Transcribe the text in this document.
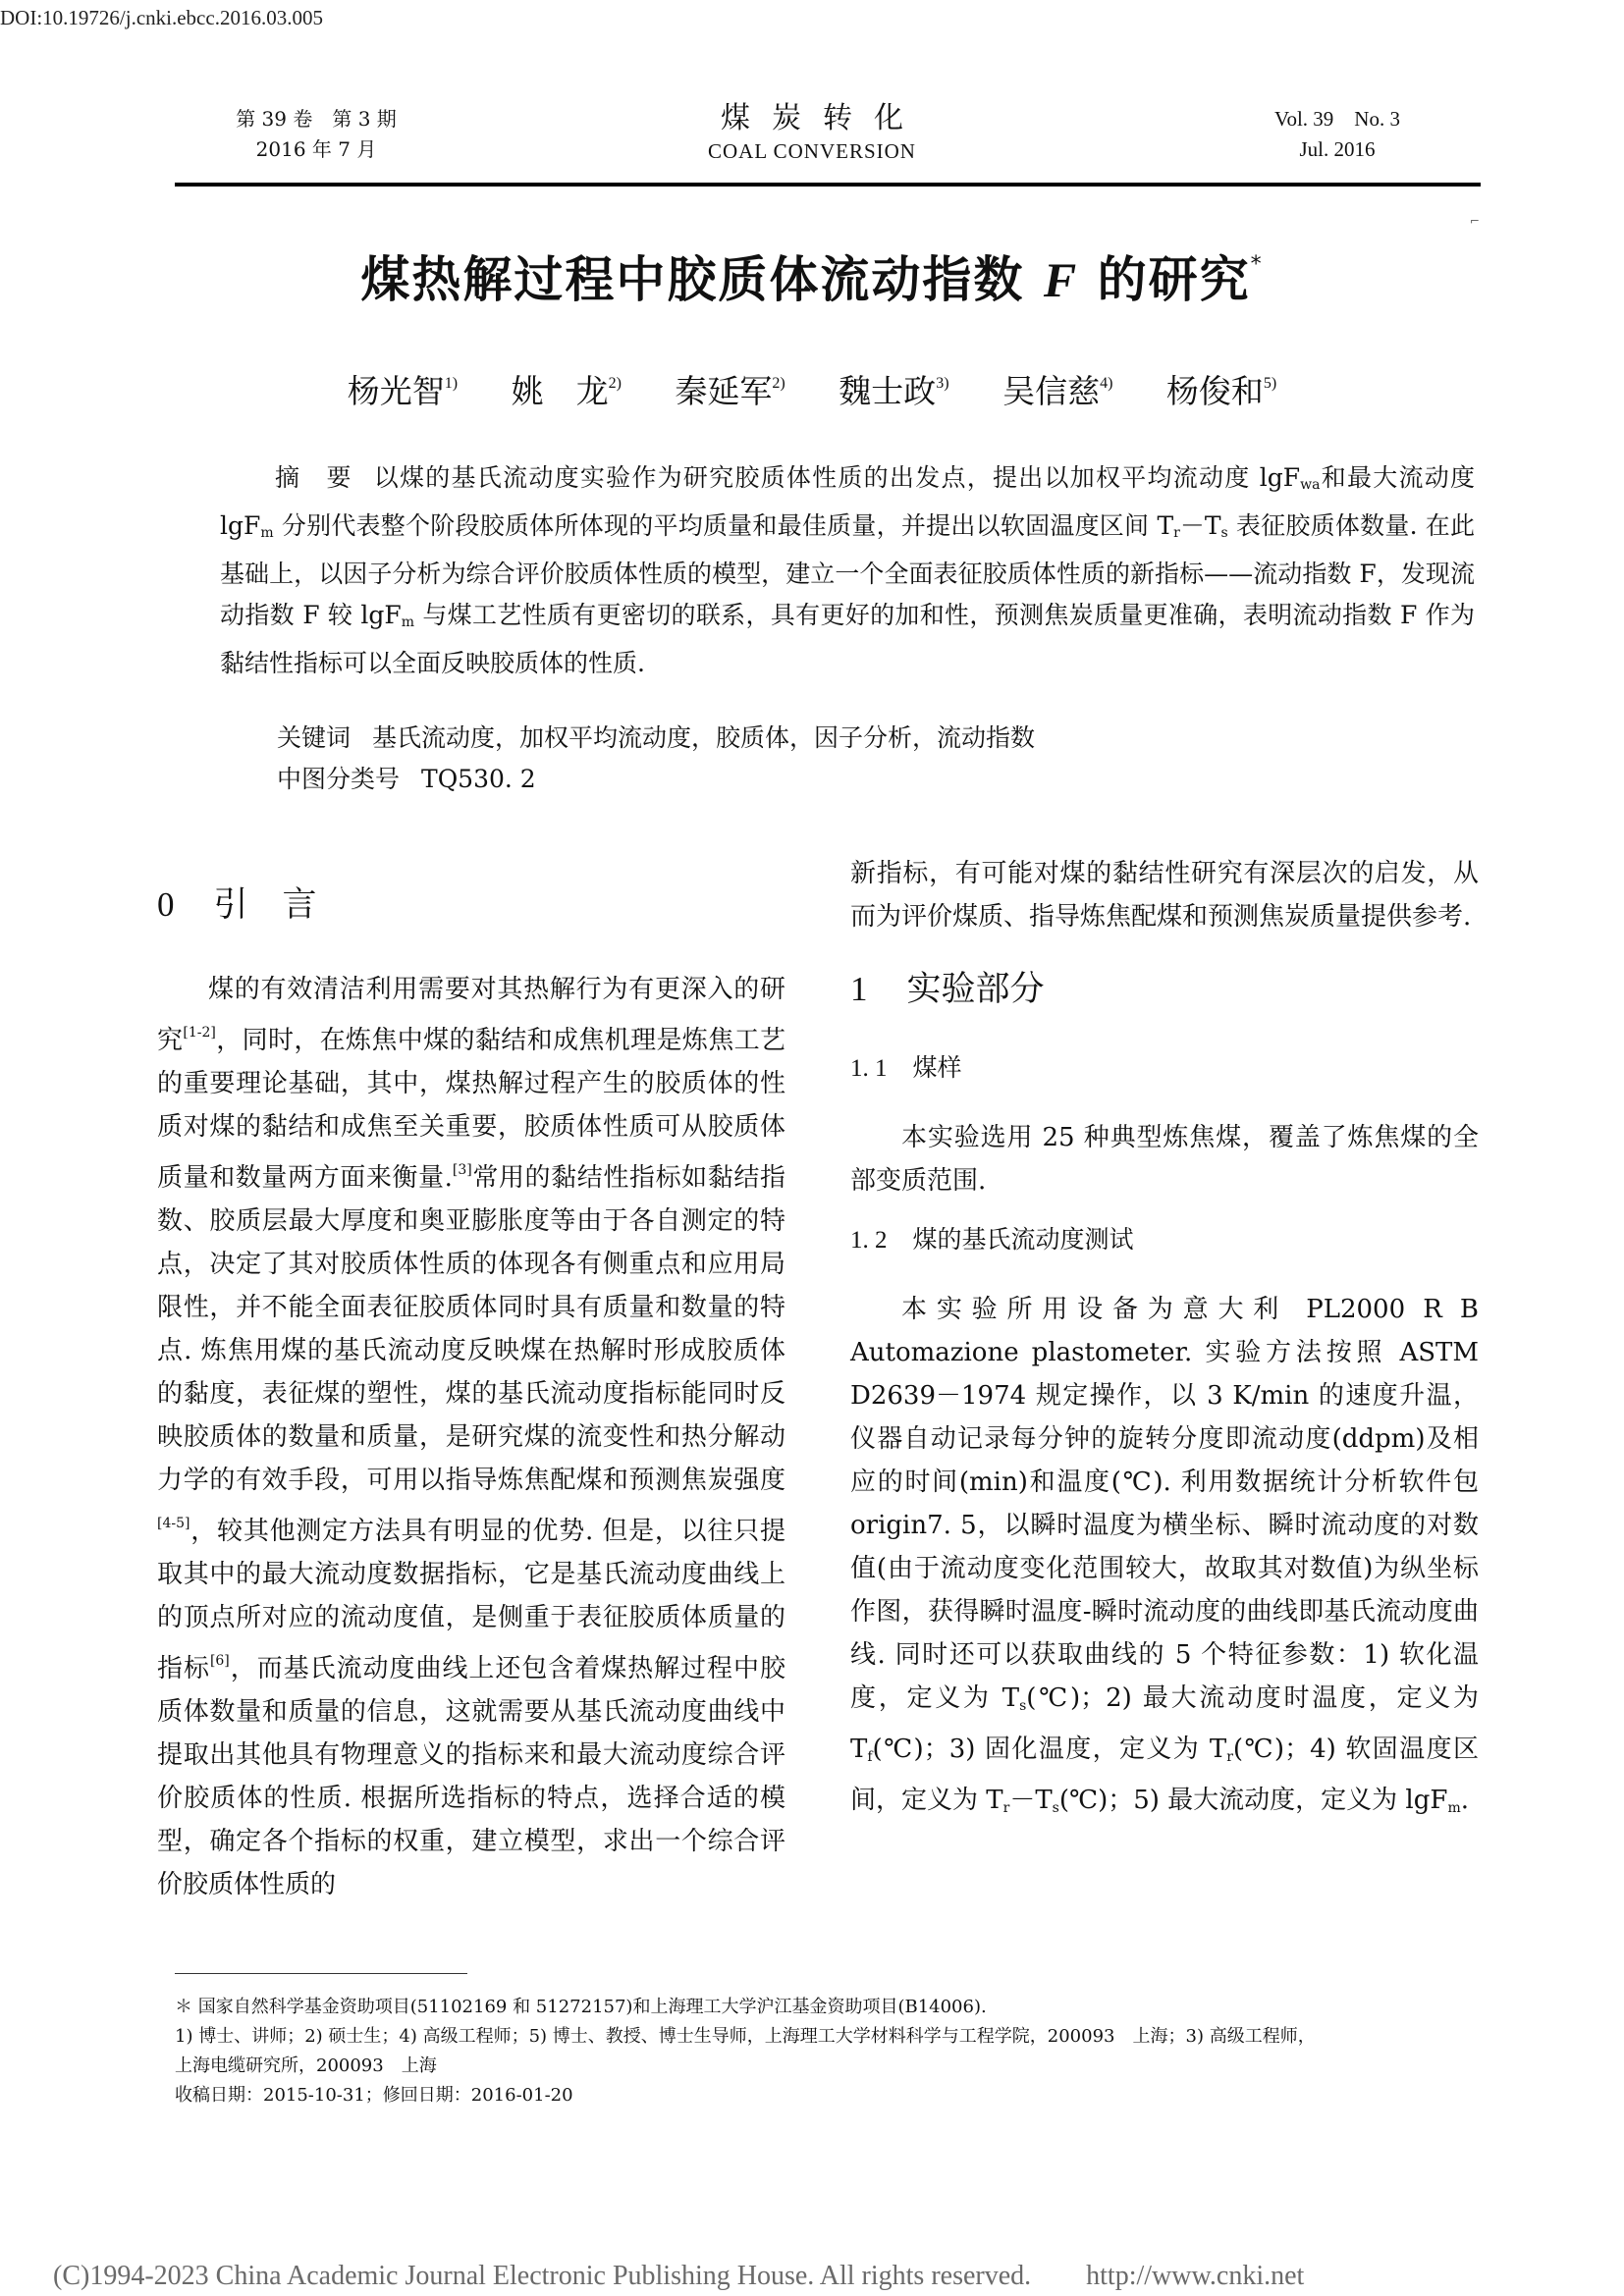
DOI:10.19726/j.cnki.ebcc.2016.03.005
第 39 卷　第 3 期
2016 年 7 月
煤炭转化
COAL CONVERSION
Vol. 39　No. 3
Jul. 2016
⌐
煤热解过程中胶质体流动指数 F 的研究*
杨光智$^{1)}$ 姚　龙$^{2)}$ 秦延军$^{2)}$ 魏士政$^{3)}$ 吴信慈$^{4)}$ 杨俊和$^{5)}$
摘　要 以煤的基氏流动度实验作为研究胶质体性质的出发点，提出以加权平均流动度 lgF$_{wa}$和最大流动度 lgF$_m$ 分别代表整个阶段胶质体所体现的平均质量和最佳质量，并提出以软固温度区间 $T_r-T_s$ 表征胶质体数量. 在此基础上，以因子分析为综合评价胶质体性质的模型，建立一个全面表征胶质体性质的新指标——流动指数 F，发现流动指数 F 较 lgF$_m$ 与煤工艺性质有更密切的联系，具有更好的加和性，预测焦炭质量更准确，表明流动指数 F 作为黏结性指标可以全面反映胶质体的性质.
关键词 基氏流动度，加权平均流动度，胶质体，因子分析，流动指数
中图分类号 TQ530. 2
0 引　言

煤的有效清洁利用需要对其热解行为有更深入的研究[1-2]，同时，在炼焦中煤的黏结和成焦机理是炼焦工艺的重要理论基础，其中，煤热解过程产生的胶质体的性质对煤的黏结和成焦至关重要，胶质体性质可从胶质体质量和数量两方面来衡量.[3]常用的黏结性指标如黏结指数、胶质层最大厚度和奥亚膨胀度等由于各自测定的特点，决定了其对胶质体性质的体现各有侧重点和应用局限性，并不能全面表征胶质体同时具有质量和数量的特点. 炼焦用煤的基氏流动度反映煤在热解时形成胶质体的黏度，表征煤的塑性，煤的基氏流动度指标能同时反映胶质体的数量和质量，是研究煤的流变性和热分解动力学的有效手段，可用以指导炼焦配煤和预测焦炭强度[4-5]，较其他测定方法具有明显的优势. 但是，以往只提取其中的最大流动度数据指标，它是基氏流动度曲线上的顶点所对应的流动度值，是侧重于表征胶质体质量的指标[6]，而基氏流动度曲线上还包含着煤热解过程中胶质体数量和质量的信息，这就需要从基氏流动度曲线中提取出其他具有物理意义的指标来和最大流动度综合评价胶质体的性质. 根据所选指标的特点，选择合适的模型，确定各个指标的权重，建立模型，求出一个综合评价胶质体性质的

新指标，有可能对煤的黏结性研究有深层次的启发，从而为评价煤质、指导炼焦配煤和预测焦炭质量提供参考.

1 实验部分
1. 1 煤样

本实验选用 25 种典型炼焦煤，覆盖了炼焦煤的全部变质范围.

1. 2 煤的基氏流动度测试

本实验所用设备为意大利 PL2000 R B Automazione plastometer. 实验方法按照 ASTM D2639－1974 规定操作，以 3 K/min 的速度升温，仪器自动记录每分钟的旋转分度即流动度(ddpm)及相应的时间(min)和温度(℃). 利用数据统计分析软件包 origin7. 5，以瞬时温度为横坐标、瞬时流动度的对数值(由于流动度变化范围较大，故取其对数值)为纵坐标作图，获得瞬时温度-瞬时流动度的曲线即基氏流动度曲线. 同时还可以获取曲线的 5 个特征参数：1) 软化温度，定义为 $T_s(℃)$；2) 最大流动度时温度，定义为 $T_f(℃)$；3) 固化温度，定义为 $T_r(℃)$；4) 软固温度区间，定义为 $T_r-T_s(℃)$；5) 最大流动度，定义为 lgF$_m$.

＊ 国家自然科学基金资助项目(51102169 和 51272157)和上海理工大学沪江基金资助项目(B14006).
1) 博士、讲师；2) 硕士生；4) 高级工程师；5) 博士、教授、博士生导师，上海理工大学材料科学与工程学院，200093　上海；3) 高级工程师，
上海电缆研究所，200093　上海
收稿日期：2015-10-31；修回日期：2016-01-20
(C)1994-2023 China Academic Journal Electronic Publishing House. All rights reserved.　　http://www.cnki.net
